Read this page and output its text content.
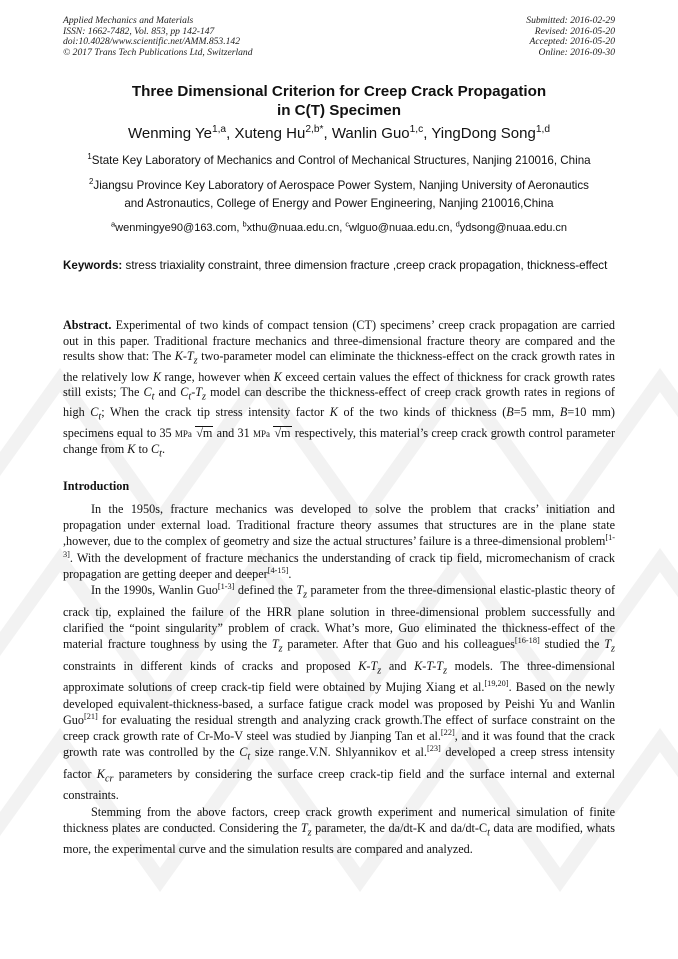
Applied Mechanics and Materials
ISSN: 1662-7482, Vol. 853, pp 142-147
doi:10.4028/www.scientific.net/AMM.853.142
© 2017 Trans Tech Publications Ltd, Switzerland
Submitted: 2016-02-29
Revised: 2016-05-20
Accepted: 2016-05-20
Online: 2016-09-30
Three Dimensional Criterion for Creep Crack Propagation
in C(T) Specimen
Wenming Ye$^{1,a}$, Xuteng $Hu^{2,b*}$, Wanlin Guo$^{1,c}$, YingDong Song$^{1,d}$
$^1$State Key Laboratory of Mechanics and Control of Mechanical Structures, Nanjing 210016, China
$^2$Jiangsu Province Key Laboratory of Aerospace Power System, Nanjing University of Aeronautics
and Astronautics, College of Energy and Power Engineering, Nanjing 210016,China
$^a$wenmingye90@163.com, $^b$xthu@nuaa.edu.cn, $^c$wlguo@nuaa.edu.cn, $^d$ydsong@nuaa.edu.cn
Keywords: stress triaxiality constraint, three dimension fracture ,creep crack propagation, thickness-effect
Abstract. Experimental of two kinds of compact tension (CT) specimens’ creep crack propagation are carried out in this paper. Traditional fracture mechanics and three-dimensional fracture theory are compared and the results show that: The $K-T_z$ two-parameter model can eliminate the thickness-effect on the crack growth rates in the relatively low K range, however when K exceed certain values the effect of thickness for crack growth rates still exists; The $C_t$ and $C_t-T_z$ model can describe the thickness-effect of creep crack growth rates in regions of high $C_t$; When the crack tip stress intensity factor K of the two kinds of thickness (B=5 mm, B=10 mm) specimens equal to 35 MPa √m and 31 MPa √m respectively, this material’s creep crack growth control parameter change from K to $C_t$.
Introduction

In the 1950s, fracture mechanics was developed to solve the problem that cracks’ initiation and propagation under external load. Traditional fracture theory assumes that structures are in the plane state ,however, due to the complex of geometry and size the actual structures’ failure is a three-dimensional problem[1-3]. With the development of fracture mechanics the understanding of crack tip field, micromechanism of crack propagation are getting deeper and deeper[4-15].

In the 1990s, Wanlin Guo[1-3] defined the $T_z$ parameter from the three-dimensional elastic-plastic theory of crack tip, explained the failure of the HRR plane solution in three-dimensional problem successfully and clarified the “point singularity” problem of crack. What’s more, Guo eliminated the thickness-effect of the material fracture toughness by using the $T_z$ parameter. After that Guo and his colleagues[16-18] studied the $T_z$ constraints in different kinds of cracks and proposed $K-T_z$ and $K-T-T_z$ models. The three-dimensional approximate solutions of creep crack-tip field were obtained by Mujing Xiang et al.[19,20]. Based on the newly developed equivalent-thickness-based, a surface fatigue crack model was proposed by Peishi Yu and Wanlin Guo[21] for evaluating the residual strength and analyzing crack growth.The effect of surface constraint on the creep crack growth rate of Cr-Mo-V steel was studied by Jianping Tan et al.[22], and it was found that the crack growth rate was controlled by the $C_t$ size range.V.N. Shlyannikov et al.[23] developed a creep stress intensity factor $K_{cr}$ parameters by considering the surface creep crack-tip field and the surface internal and external constraints.

Stemming from the above factors, creep crack growth experiment and numerical simulation of finite thickness plates are conducted. Considering the $T_z$ parameter, the da/dt-K and $da/dt-C_t$ data are modified, whats more, the experimental curve and the simulation results are compared and analyzed.
